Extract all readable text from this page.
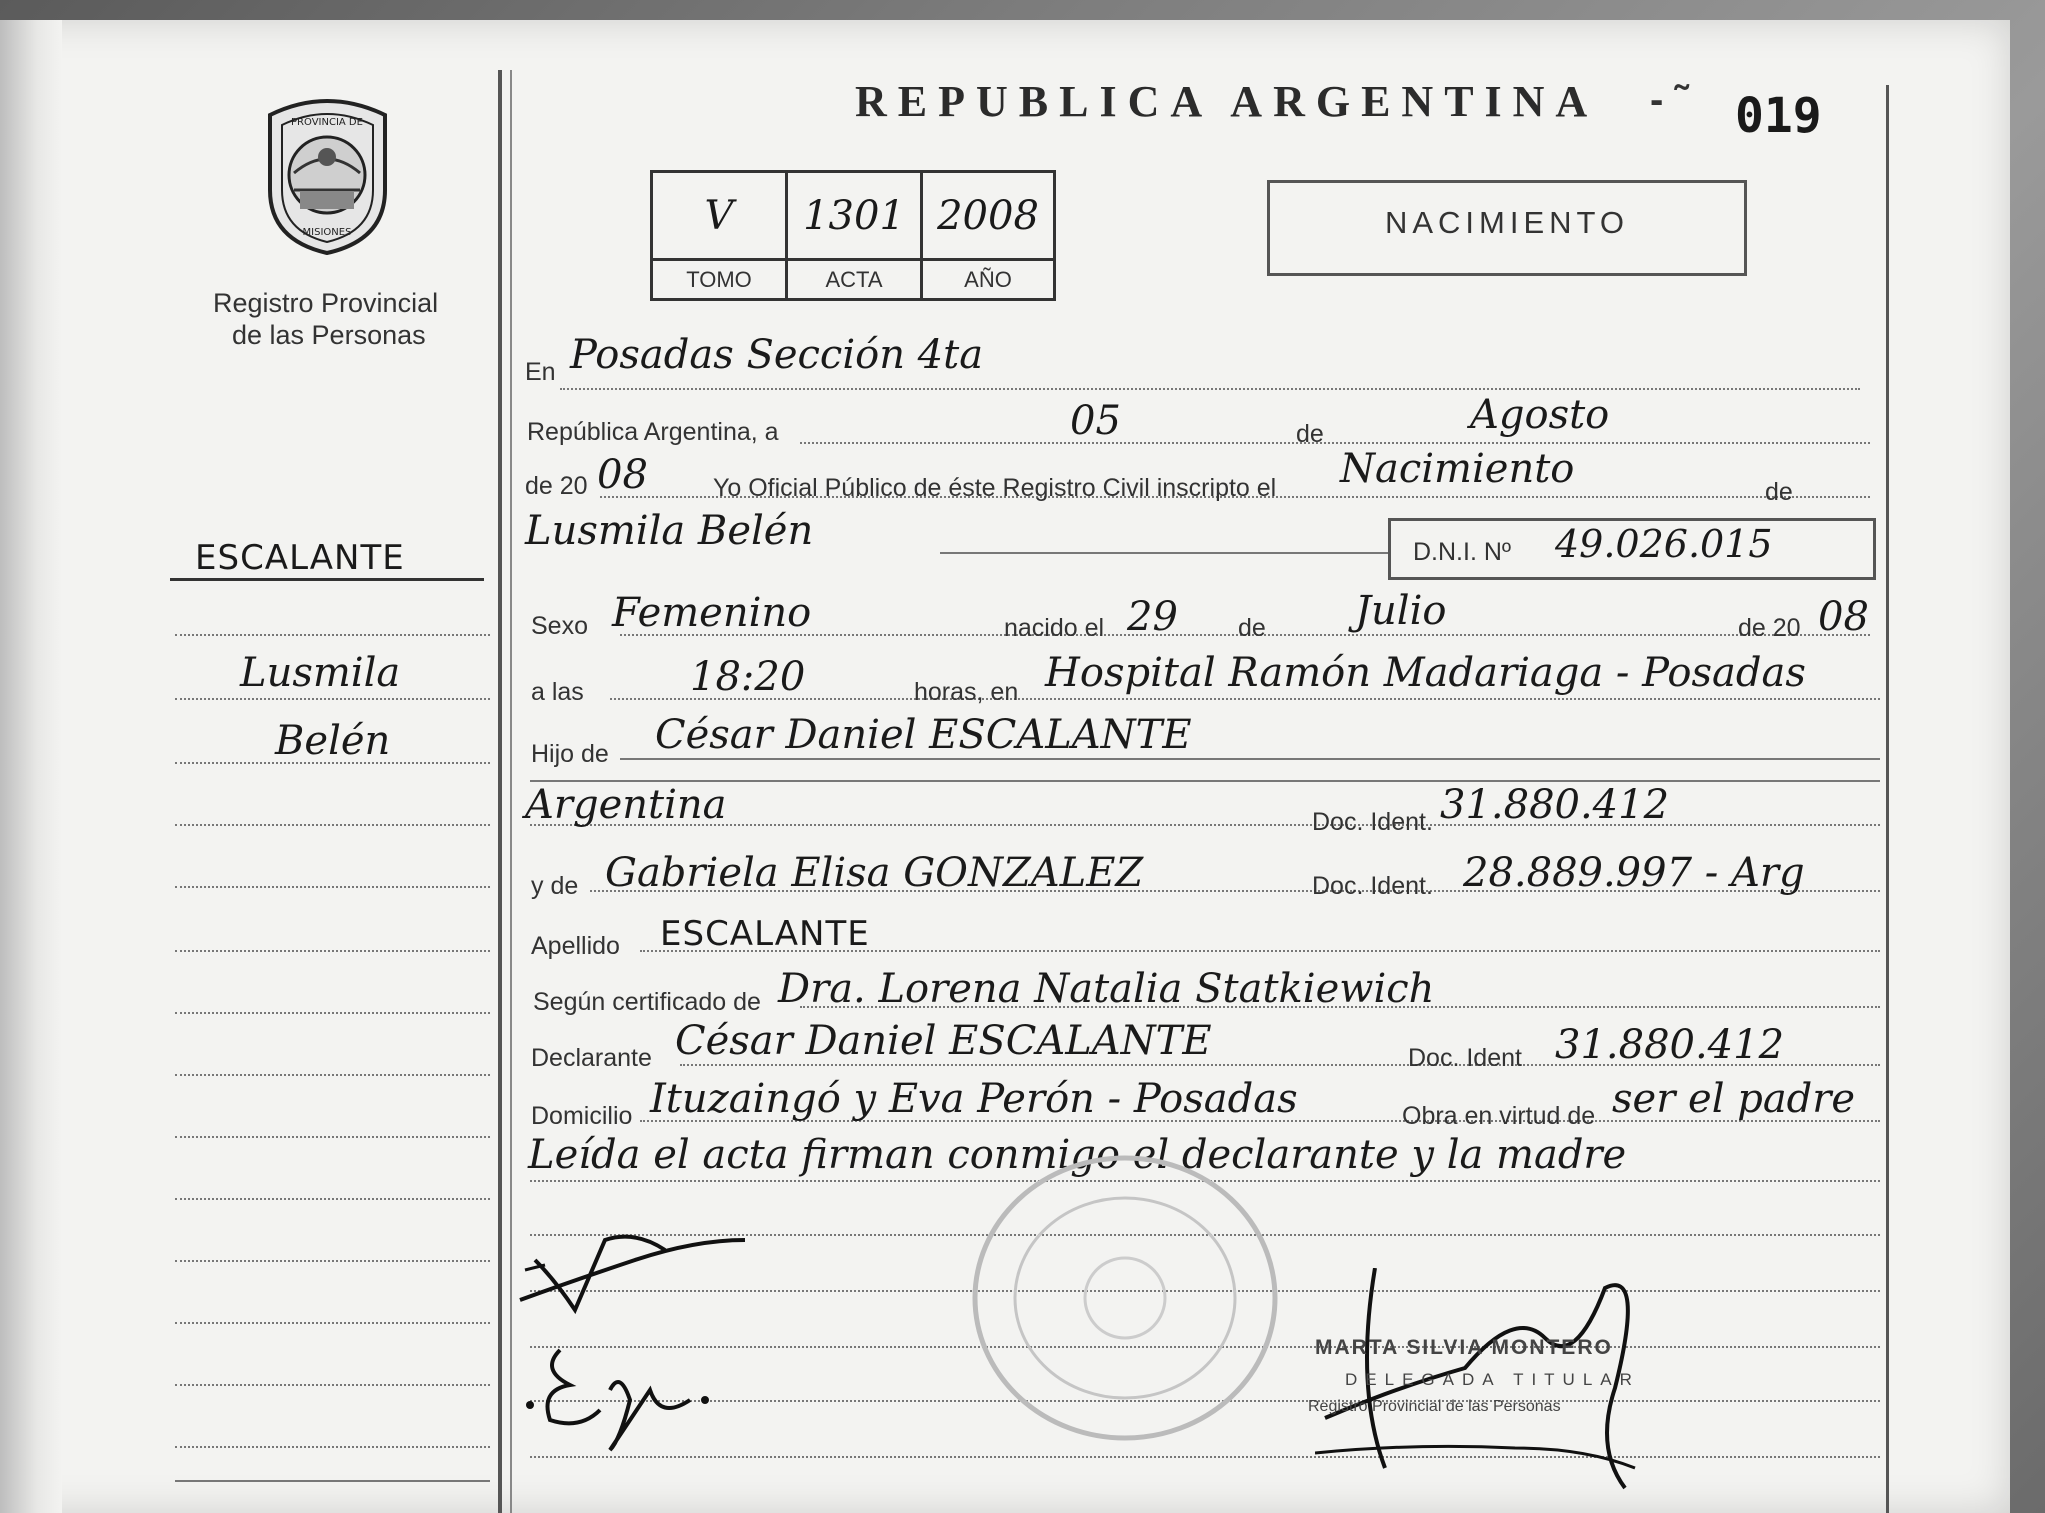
REPUBLICA ARGENTINA - ˜ 019
PROVINCIA DE
MISIONES
Registro Provincial
de las Personas
V	1301	2008
TOMO	ACTA	AÑO
NACIMIENTO
ESCALANTE
Lusmila
Belén
En Posadas Sección 4ta
República Argentina, a	05	de	Agosto
de 20 08	Yo Oficial Público de éste Registro Civil inscripto el Nacimiento	de
Lusmila Belén	D.N.I. Nº 49.026.015
Sexo Femenino	nacido el 29 de Julio	de 20 08
a las	18:20	horas, en Hospital Ramón Madariaga - Posadas
Hijo de César Daniel ESCALANTE
Argentina	Doc. Ident. 31.880.412
y de Gabriela Elisa GONZALEZ	Doc. Ident. 28.889.997 - Arg
Apellido ESCALANTE
Según certificado de Dra. Lorena Natalia Statkiewich
Declarante César Daniel ESCALANTE	Doc. Ident 31.880.412
Domicilio Ituzaingó y Eva Perón - Posadas	Obra en virtud de ser el padre
Leída el acta firman conmigo el declarante y la madre
MARTA SILVIA MONTERO
DELEGADA TITULAR
Registro Provincial de las Personas
